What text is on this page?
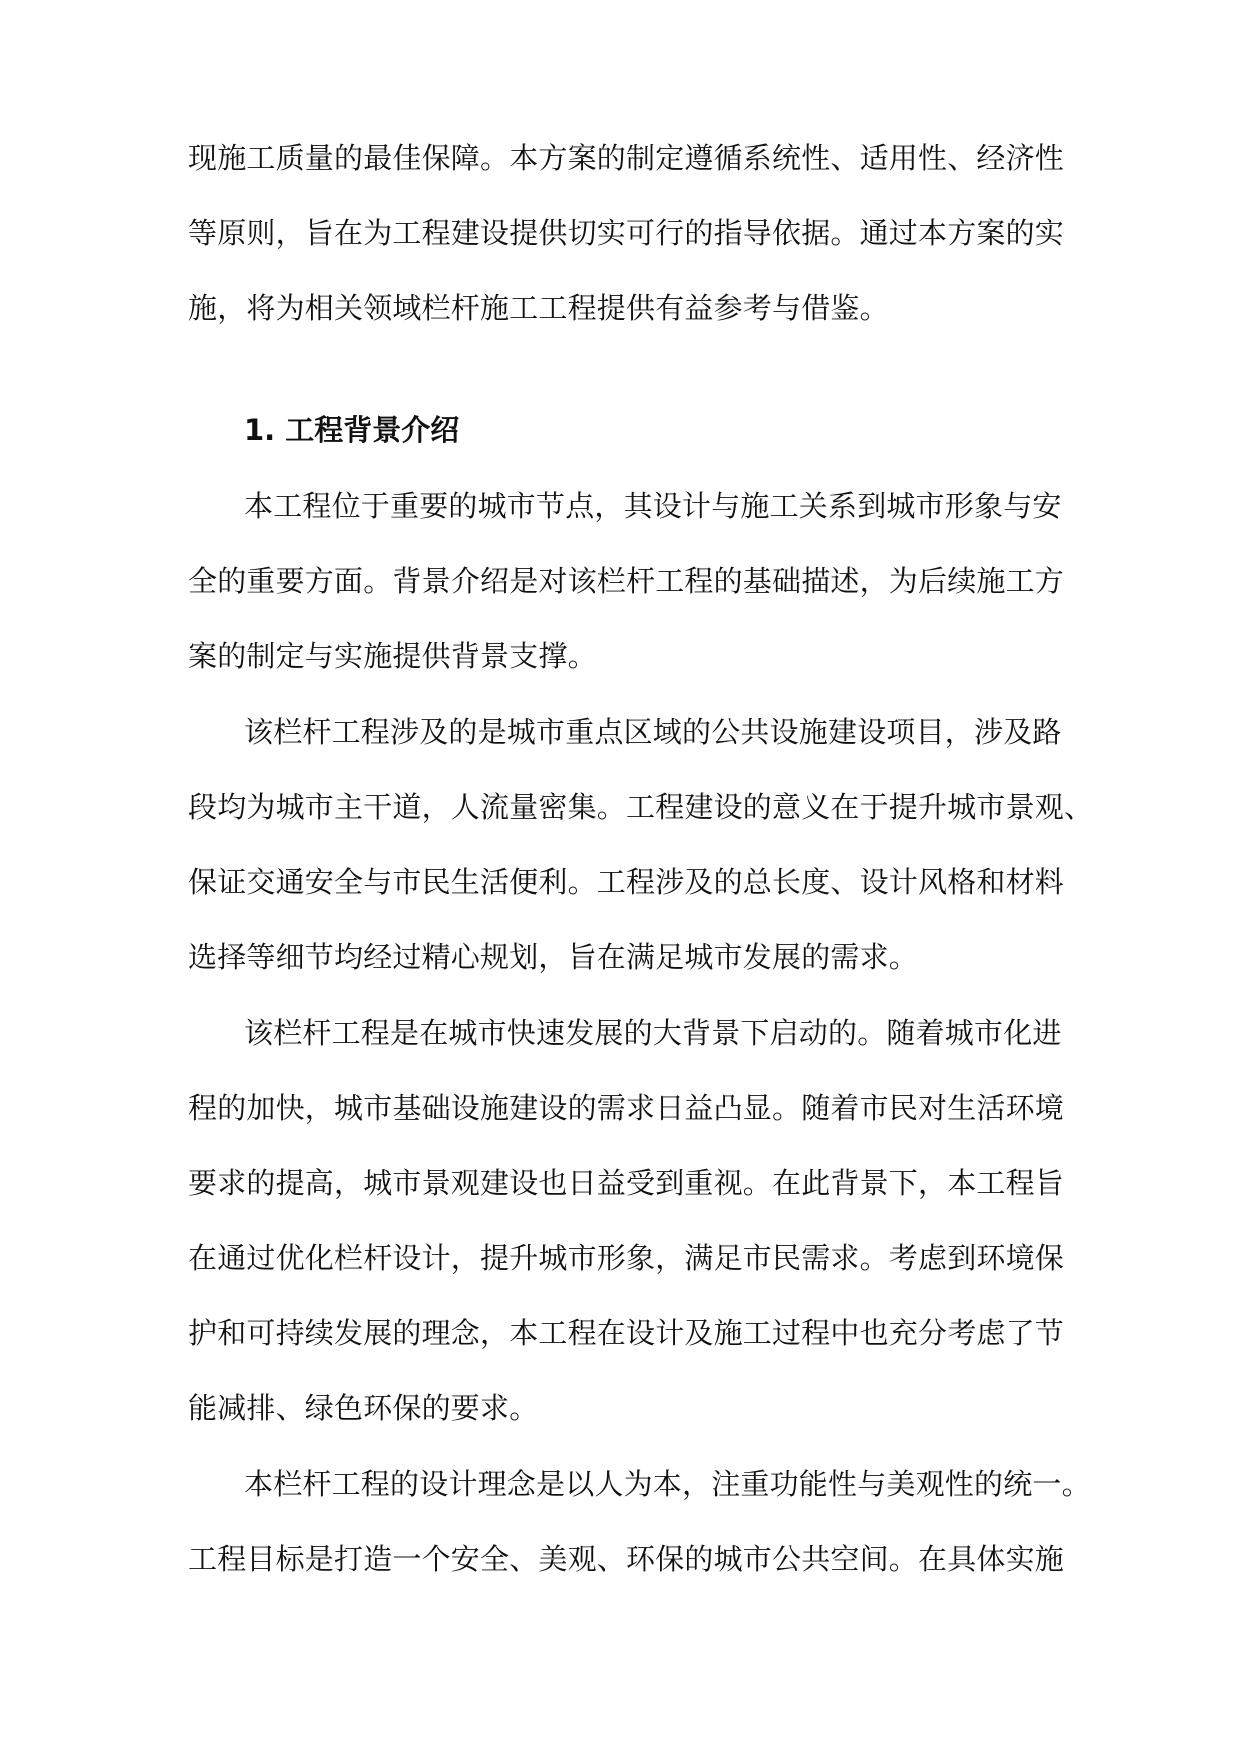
现施工质量的最佳保障。本方案的制定遵循系统性、适用性、经济性
等原则，旨在为工程建设提供切实可行的指导依据。通过本方案的实
施，将为相关领域栏杆施工工程提供有益参考与借鉴。
1. 工程背景介绍
本工程位于重要的城市节点，其设计与施工关系到城市形象与安
全的重要方面。背景介绍是对该栏杆工程的基础描述，为后续施工方
案的制定与实施提供背景支撑。
该栏杆工程涉及的是城市重点区域的公共设施建设项目，涉及路
段均为城市主干道，人流量密集。工程建设的意义在于提升城市景观、
保证交通安全与市民生活便利。工程涉及的总长度、设计风格和材料
选择等细节均经过精心规划，旨在满足城市发展的需求。
该栏杆工程是在城市快速发展的大背景下启动的。随着城市化进
程的加快，城市基础设施建设的需求日益凸显。随着市民对生活环境
要求的提高，城市景观建设也日益受到重视。在此背景下，本工程旨
在通过优化栏杆设计，提升城市形象，满足市民需求。考虑到环境保
护和可持续发展的理念，本工程在设计及施工过程中也充分考虑了节
能减排、绿色环保的要求。
本栏杆工程的设计理念是以人为本，注重功能性与美观性的统一。
工程目标是打造一个安全、美观、环保的城市公共空间。在具体实施
